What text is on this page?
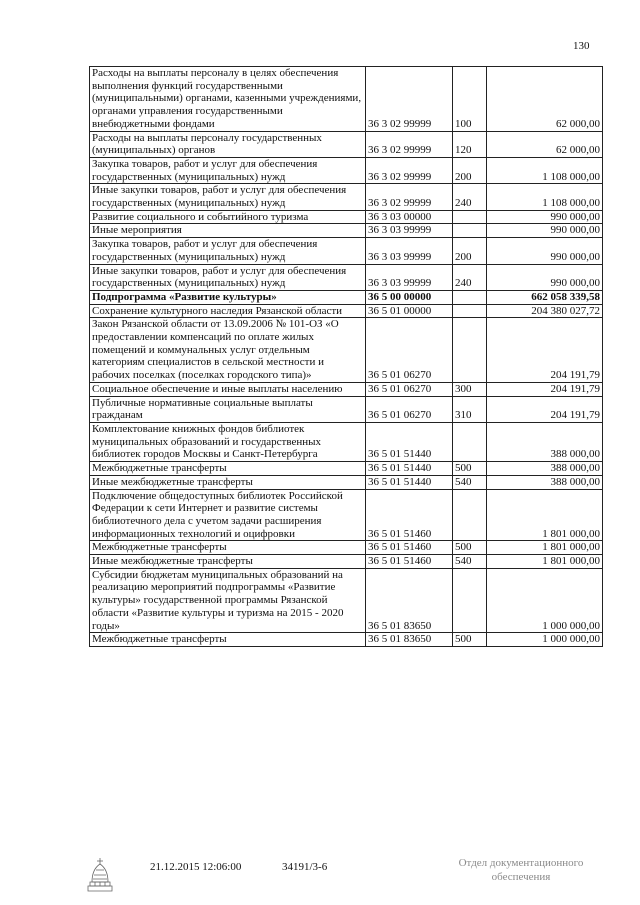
130
Расходы на выплаты персоналу в целях обеспечения выполнения функций государственными (муниципальными) органами, казенными учреждениями, органами управления государственными внебюджетными фондами	36 3 02 99999	100	62 000,00
Расходы на выплаты персоналу государственных (муниципальных) органов	36 3 02 99999	120	62 000,00
Закупка товаров, работ и услуг для обеспечения государственных (муниципальных) нужд	36 3 02 99999	200	1 108 000,00
Иные закупки товаров, работ и услуг для обеспечения государственных (муниципальных) нужд	36 3 02 99999	240	1 108 000,00
Развитие социального и событийного туризма	36 3 03 00000		990 000,00
Иные мероприятия	36 3 03 99999		990 000,00
Закупка товаров, работ и услуг для обеспечения государственных (муниципальных) нужд	36 3 03 99999	200	990 000,00
Иные закупки товаров, работ и услуг для обеспечения государственных (муниципальных) нужд	36 3 03 99999	240	990 000,00
Подпрограмма «Развитие культуры»	36 5 00 00000		662 058 339,58
Сохранение культурного наследия Рязанской области	36 5 01 00000		204 380 027,72
Закон Рязанской области от 13.09.2006 № 101-ОЗ «О предоставлении компенсаций по оплате жилых помещений и коммунальных услуг отдельным категориям специалистов в сельской местности и рабочих поселках (поселках городского типа)»	36 5 01 06270		204 191,79
Социальное обеспечение и иные выплаты населению	36 5 01 06270	300	204 191,79
Публичные нормативные социальные выплаты гражданам	36 5 01 06270	310	204 191,79
Комплектование книжных фондов библиотек муниципальных образований и государственных библиотек городов Москвы и Санкт-Петербурга	36 5 01 51440		388 000,00
Межбюджетные трансферты	36 5 01 51440	500	388 000,00
Иные межбюджетные трансферты	36 5 01 51440	540	388 000,00
Подключение общедоступных библиотек Российской Федерации к сети Интернет и развитие системы библиотечного дела с учетом задачи расширения информационных технологий и оцифровки	36 5 01 51460		1 801 000,00
Межбюджетные трансферты	36 5 01 51460	500	1 801 000,00
Иные межбюджетные трансферты	36 5 01 51460	540	1 801 000,00
Субсидии бюджетам муниципальных образований на реализацию мероприятий подпрограммы «Развитие культуры» государственной программы Рязанской области «Развитие культуры и туризма на 2015 - 2020 годы»	36 5 01 83650		1 000 000,00
Межбюджетные трансферты	36 5 01 83650	500	1 000 000,00
21.12.2015 12:06:00	34191/3-6	Отдел документационного
обеспечения
